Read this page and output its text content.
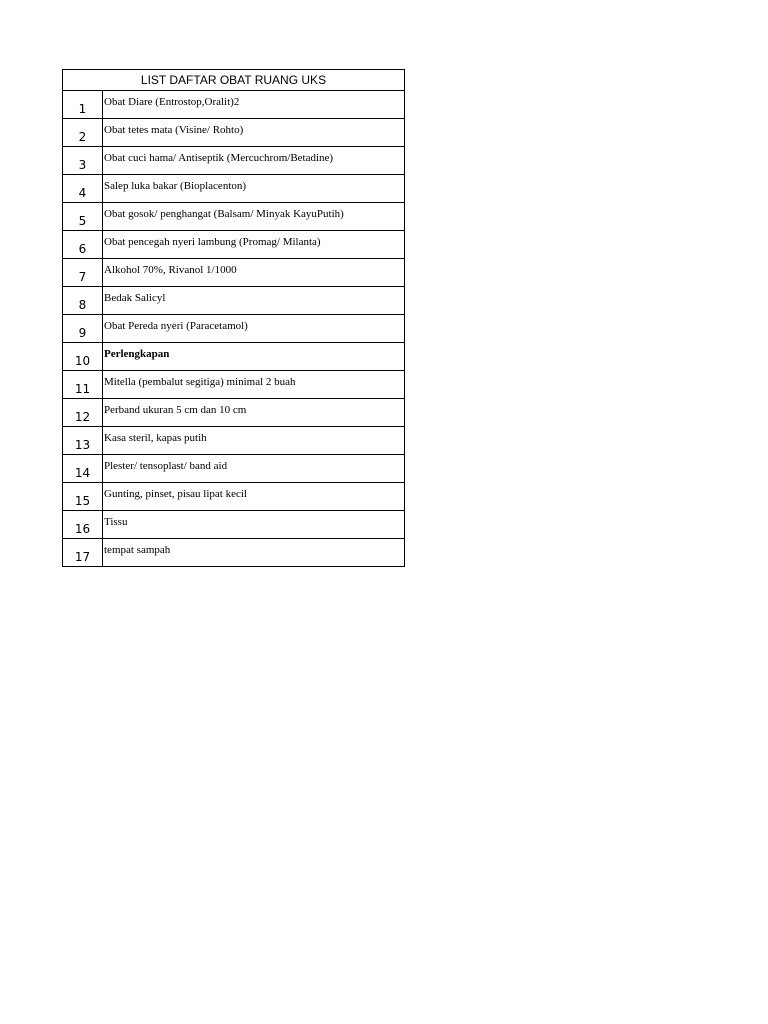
LIST DAFTAR OBAT RUANG UKS	
1	Obat Diare (Entrostop,Oralit)2
2	Obat tetes mata (Visine/ Rohto)
3	Obat cuci hama/ Antiseptik (Mercuchrom/Betadine)
4	Salep luka bakar (Bioplacenton)
5	Obat gosok/ penghangat (Balsam/ Minyak KayuPutih)
6	Obat pencegah nyeri lambung (Promag/ Milanta)
7	Alkohol 70%, Rivanol 1/1000
8	Bedak Salicyl
9	Obat Pereda nyeri (Paracetamol)
10	Perlengkapan
11	Mitella (pembalut segitiga) minimal 2 buah
12	Perband ukuran 5 cm dan 10 cm
13	Kasa steril, kapas putih
14	Plester/ tensoplast/ band aid
15	Gunting, pinset, pisau lipat kecil
16	Tissu
17	tempat sampah
